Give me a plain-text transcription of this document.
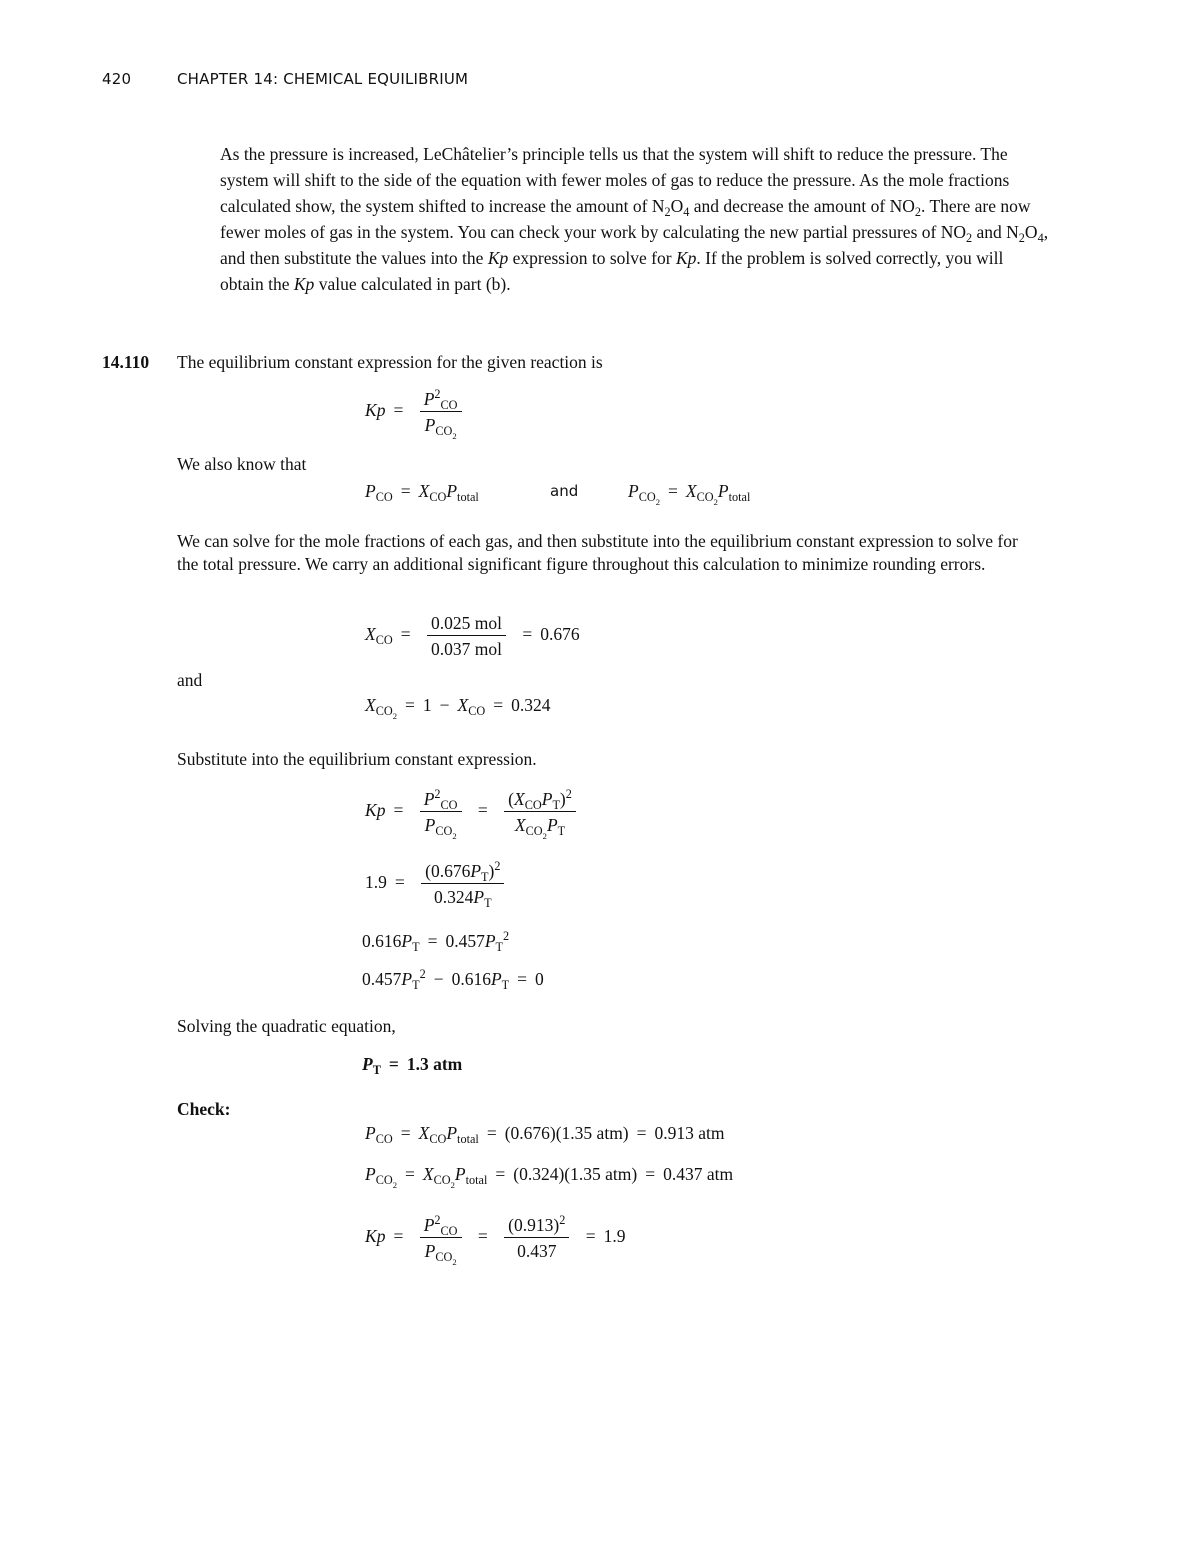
420	CHAPTER 14: CHEMICAL EQUILIBRIUM

As the pressure is increased, LeChâtelier’s principle tells us that the system will shift to reduce the pressure. The system will shift to the side of the equation with fewer moles of gas to reduce the pressure. As the mole fractions calculated show, the system shifted to increase the amount of $N_2O_4$ and decrease the amount of $NO_2$. There are now fewer moles of gas in the system. You can check your work by calculating the new partial pressures of $NO_2$ and $N_2O_4$, and then substitute the values into the Kp expression to solve for Kp. If the problem is solved correctly, you will obtain the Kp value calculated in part (b).

14.110 The equilibrium constant expression for the given reaction is
$Kp = \frac{P^2_{CO}}{P_{CO_2}}$
We also know that
$P_{CO} = X_{CO}P_{total}$	and	$P_{CO_2}= X_{CO_2}P_{total}$

We can solve for the mole fractions of each gas, and then substitute into the equilibrium constant expression to solve for the total pressure. We carry an additional significant figure throughout this calculation to minimize rounding errors.

$X_{CO} = \frac{\text{0.025 mol}}{\text{0.037 mol}} = 0.676$
and
$X_{CO_2}= 1 - X_{CO} = 0.324$
Substitute into the equilibrium constant expression.
$Kp = \frac{P^2_{CO}}{P_{CO_2}} = \frac{(X_{CO}P_T)^2}{X_{CO_2}P_T}$
$1.9 = \frac{(0.676P_T)^2}{0.324P_T}$
$0.616P_T = 0.457P_T^2$
$0.457P_T^2 - 0.616P_T = 0$
Solving the quadratic equation,
$P_T = 1.3$ atm
Check:
$P_{CO} = X_{CO}P_{total} = (0.676)(1.35$ atm) = 0.913 atm
$P_{CO_2}= X_{CO_2}P_{total} = (0.324)(1.35$ atm) = 0.437 atm
$Kp = \frac{P^2_{CO}}{P_{CO_2}} = \frac{(0.913)^2}{0.437} = 1.9$
